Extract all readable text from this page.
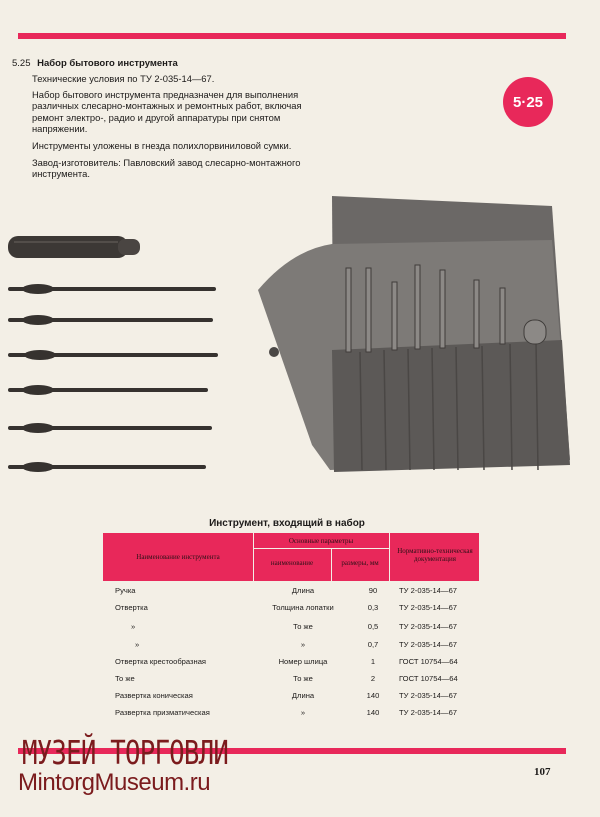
5.25 Набор бытового инструмента

Технические условия по ТУ 2-035-14—67.

Набор бытового инструмента предназначен для выполнения различных слесарно-монтажных и ремонтных работ, включая ремонт электро-, радио и другой аппаратуры при снятом напряжении.

Инструменты уложены в гнезда полихлорвиниловой сумки.

Завод-изготовитель: Павловский завод слесарно-монтажного инструмента.

5·25
Инструмент, входящий в набор
Наименование инструмента
Основные параметры
наименование	размеры, мм
Нормативно-техническая документация
Ручка	Длина	90	ТУ 2-035-14—67
Отвертка	Толщина лопатки	0,3	ТУ 2-035-14—67
»	То же	0,5	ТУ 2-035-14—67
»	»	0,7	ТУ 2-035-14—67
Отвертка крестообразная	Номер шлица	1	ГОСТ 10754—64
То же	То же	2	ГОСТ 10754—64
Развертка коническая	Длина	140	ТУ 2-035-14—67
Развертка призматическая	»	140	ТУ 2-035-14—67
МУЗЕЙ ТОРГОВЛИ
MintorgMuseum.ru	107
